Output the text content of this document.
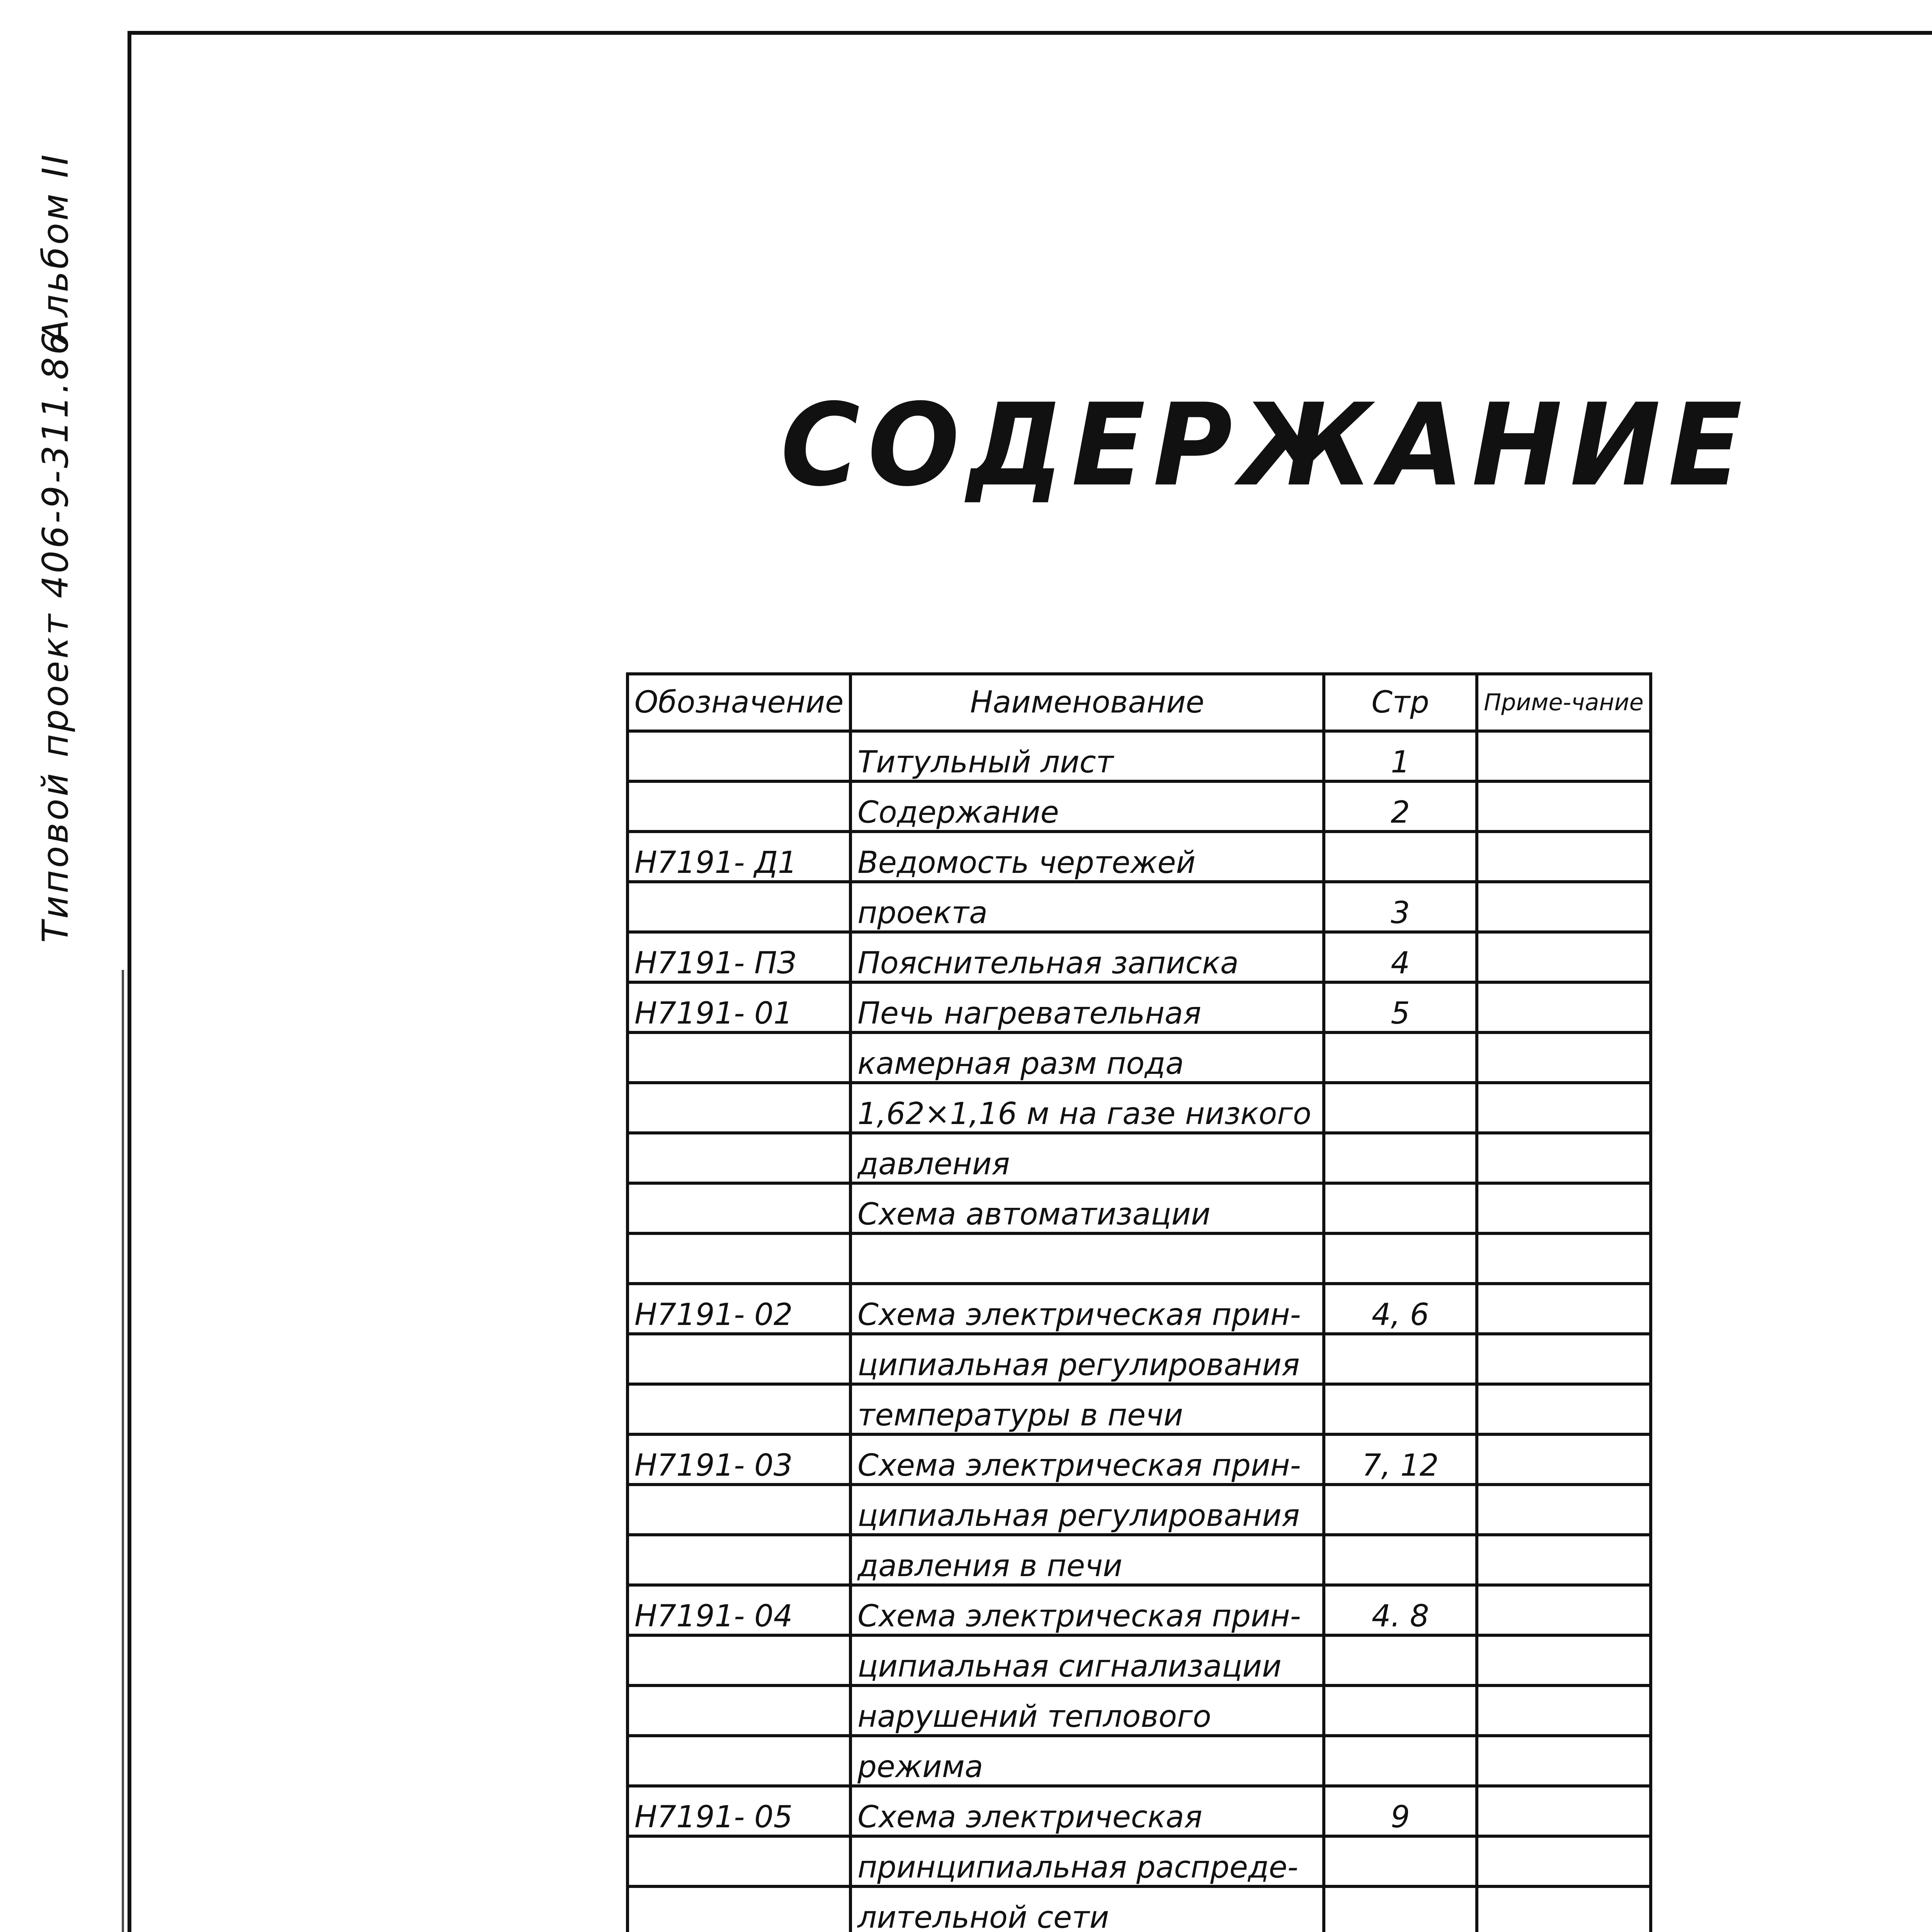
Типовой проект 406-9-311.86
Альбом II
СОДЕРЖАНИЕ
Обозначение	Наименование	Стр	Приме-чание
	Титульный лист	1	
	Содержание	2	
Н7191- Д1	Ведомость чертежей		
	проекта	3	
Н7191- ПЗ	Пояснительная записка	4	
Н7191- 01	Печь нагревательная	5	
	камерная разм пода		
	1,62×1,16 м на газе низкого		
	давления		
	Схема автоматизации		

Н7191- 02	Схема электрическая прин-	4, 6	
	ципиальная регулирования		
	температуры в печи		
Н7191- 03	Схема электрическая прин-	7, 12	
	ципиальная регулирования		
	давления в печи		
Н7191- 04	Схема электрическая прин-	4. 8	
	ципиальная сигнализации		
	нарушений теплового		
	режима		
Н7191- 05	Схема электрическая	9	
	принципиальная распреде-		
	лительной сети		
